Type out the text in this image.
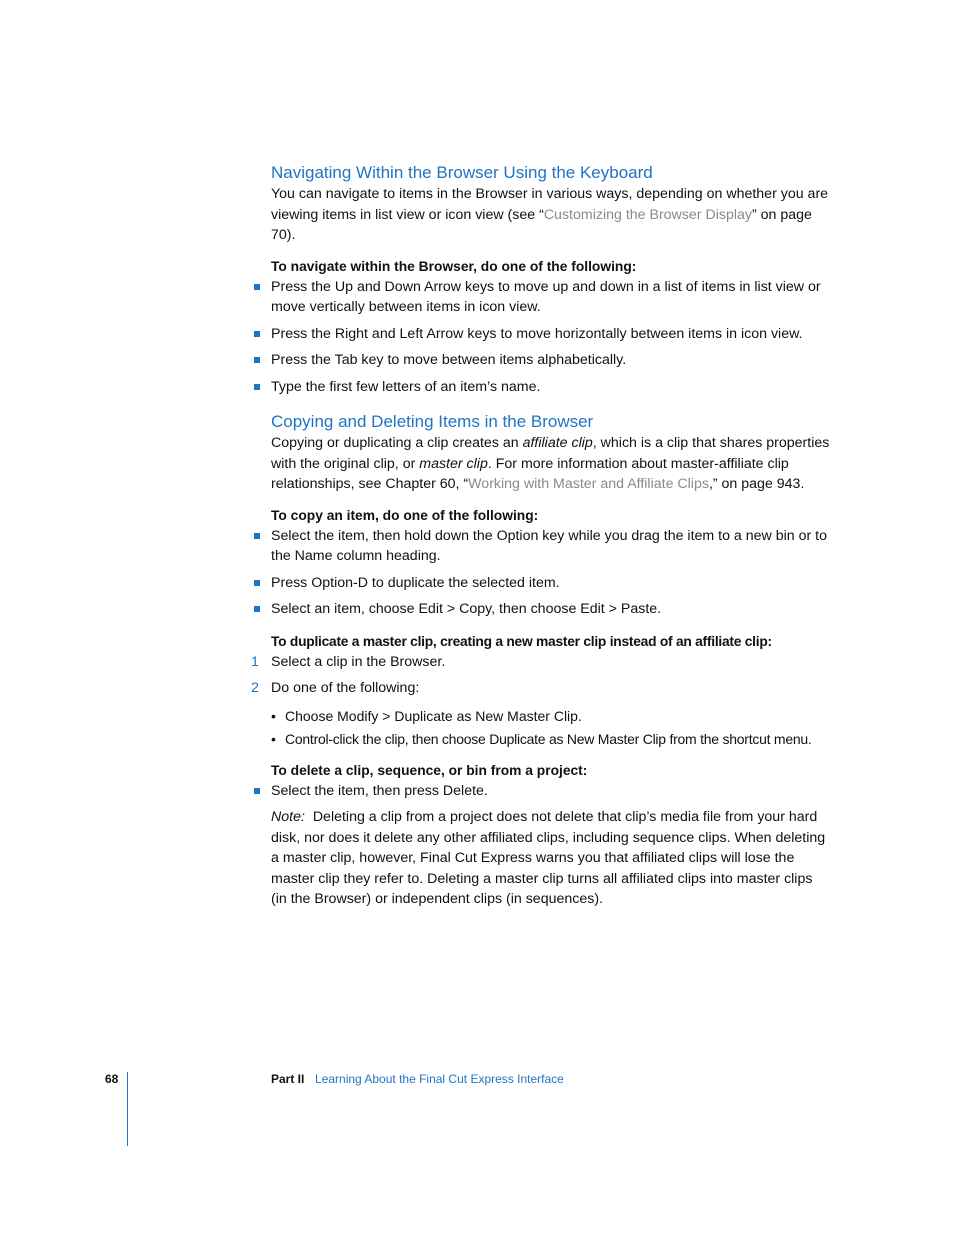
Navigating Within the Browser Using the Keyboard

You can navigate to items in the Browser in various ways, depending on whether you are viewing items in list view or icon view (see “Customizing the Browser Display” on page 70).

To navigate within the Browser, do one of the following:

Press the Up and Down Arrow keys to move up and down in a list of items in list view or move vertically between items in icon view.
Press the Right and Left Arrow keys to move horizontally between items in icon view.
Press the Tab key to move between items alphabetically.
Type the first few letters of an item’s name.
Copying and Deleting Items in the Browser

Copying or duplicating a clip creates an affiliate clip, which is a clip that shares properties with the original clip, or master clip. For more information about master-affiliate clip relationships, see Chapter 60, “Working with Master and Affiliate Clips,” on page 943.

To copy an item, do one of the following:

Select the item, then hold down the Option key while you drag the item to a new bin or to the Name column heading.
Press Option-D to duplicate the selected item.
Select an item, choose Edit > Copy, then choose Edit > Paste.

To duplicate a master clip, creating a new master clip instead of an affiliate clip:

1 Select a clip in the Browser.
2 Do one of the following:
• Choose Modify > Duplicate as New Master Clip.
• Control-click the clip, then choose Duplicate as New Master Clip from the shortcut menu.

To delete a clip, sequence, or bin from a project:

Select the item, then press Delete.

Note: Deleting a clip from a project does not delete that clip’s media file from your hard disk, nor does it delete any other affiliated clips, including sequence clips. When deleting a master clip, however, Final Cut Express warns you that affiliated clips will lose the master clip they refer to. Deleting a master clip turns all affiliated clips into master clips (in the Browser) or independent clips (in sequences).

68	Part II Learning About the Final Cut Express Interface
